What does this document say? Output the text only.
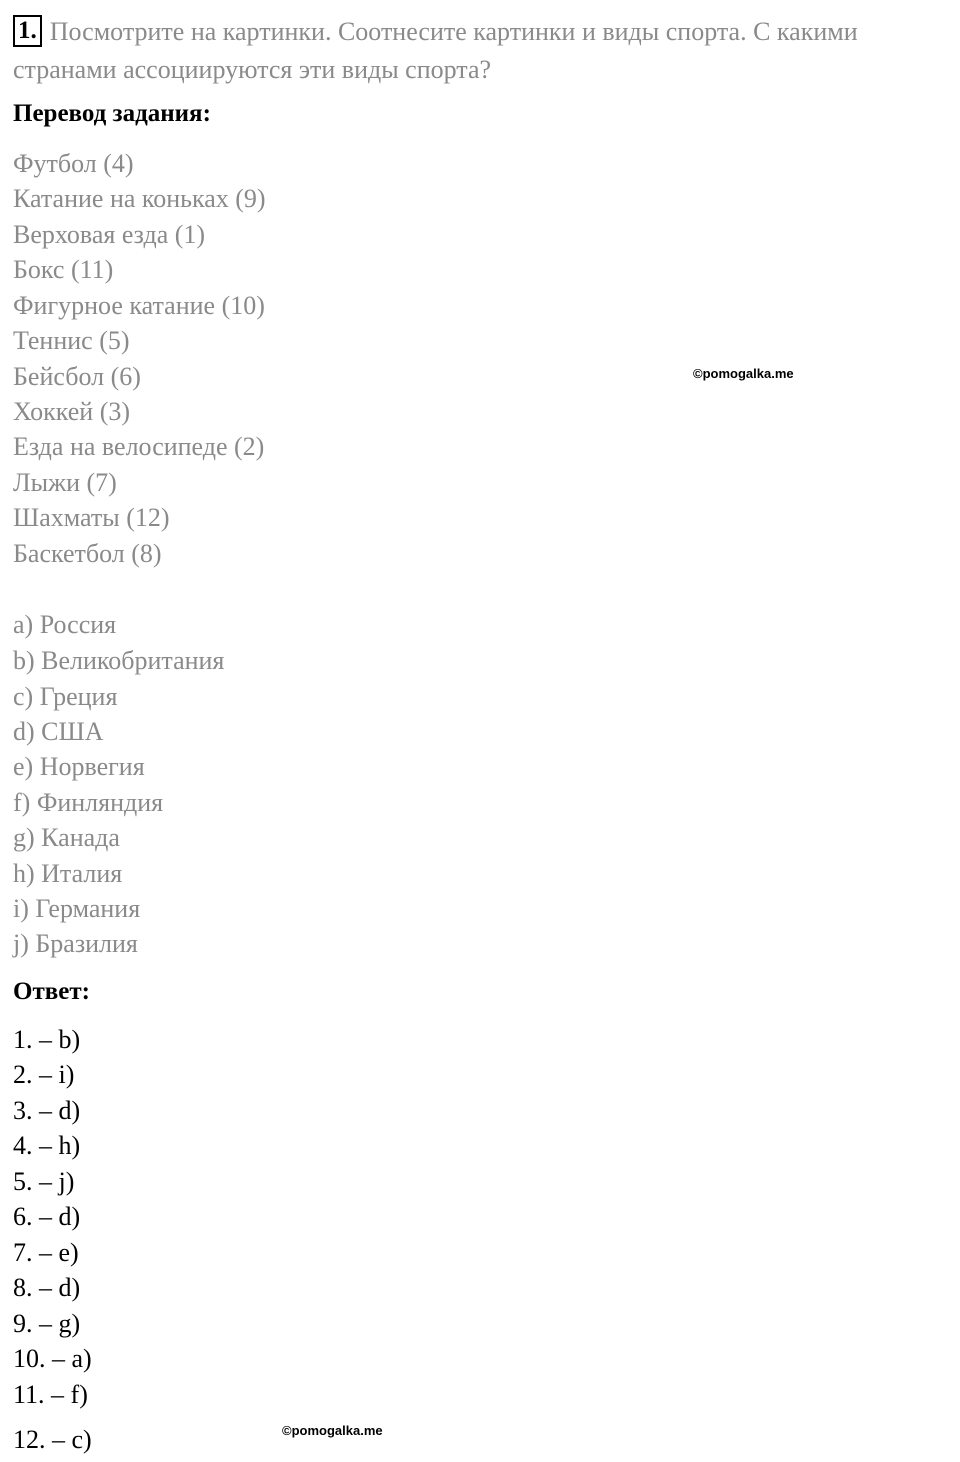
1. Посмотрите на картинки. Соотнесите картинки и виды спорта. С какими
странами ассоциируются эти виды спорта?
Перевод задания:
Футбол (4)
Катание на коньках (9)
Верховая езда (1)
Бокс (11)
Фигурное катание (10)
Теннис (5)
Бейсбол (6)
Хоккей (3)
Езда на велосипеде (2)
Лыжи (7)
Шахматы (12)
Баскетбол (8)
©pomogalka.me
a) Россия
b) Великобритания
c) Греция
d) США
e) Норвегия
f) Финляндия
g) Канада
h) Италия
i) Германия
j) Бразилия
Ответ:
1. – b)
2. – i)
3. – d)
4. – h)
5. – j)
6. – d)
7. – e)
8. – d)
9. – g)
10. – a)
11. – f)
12. – c)	©pomogalka.me
